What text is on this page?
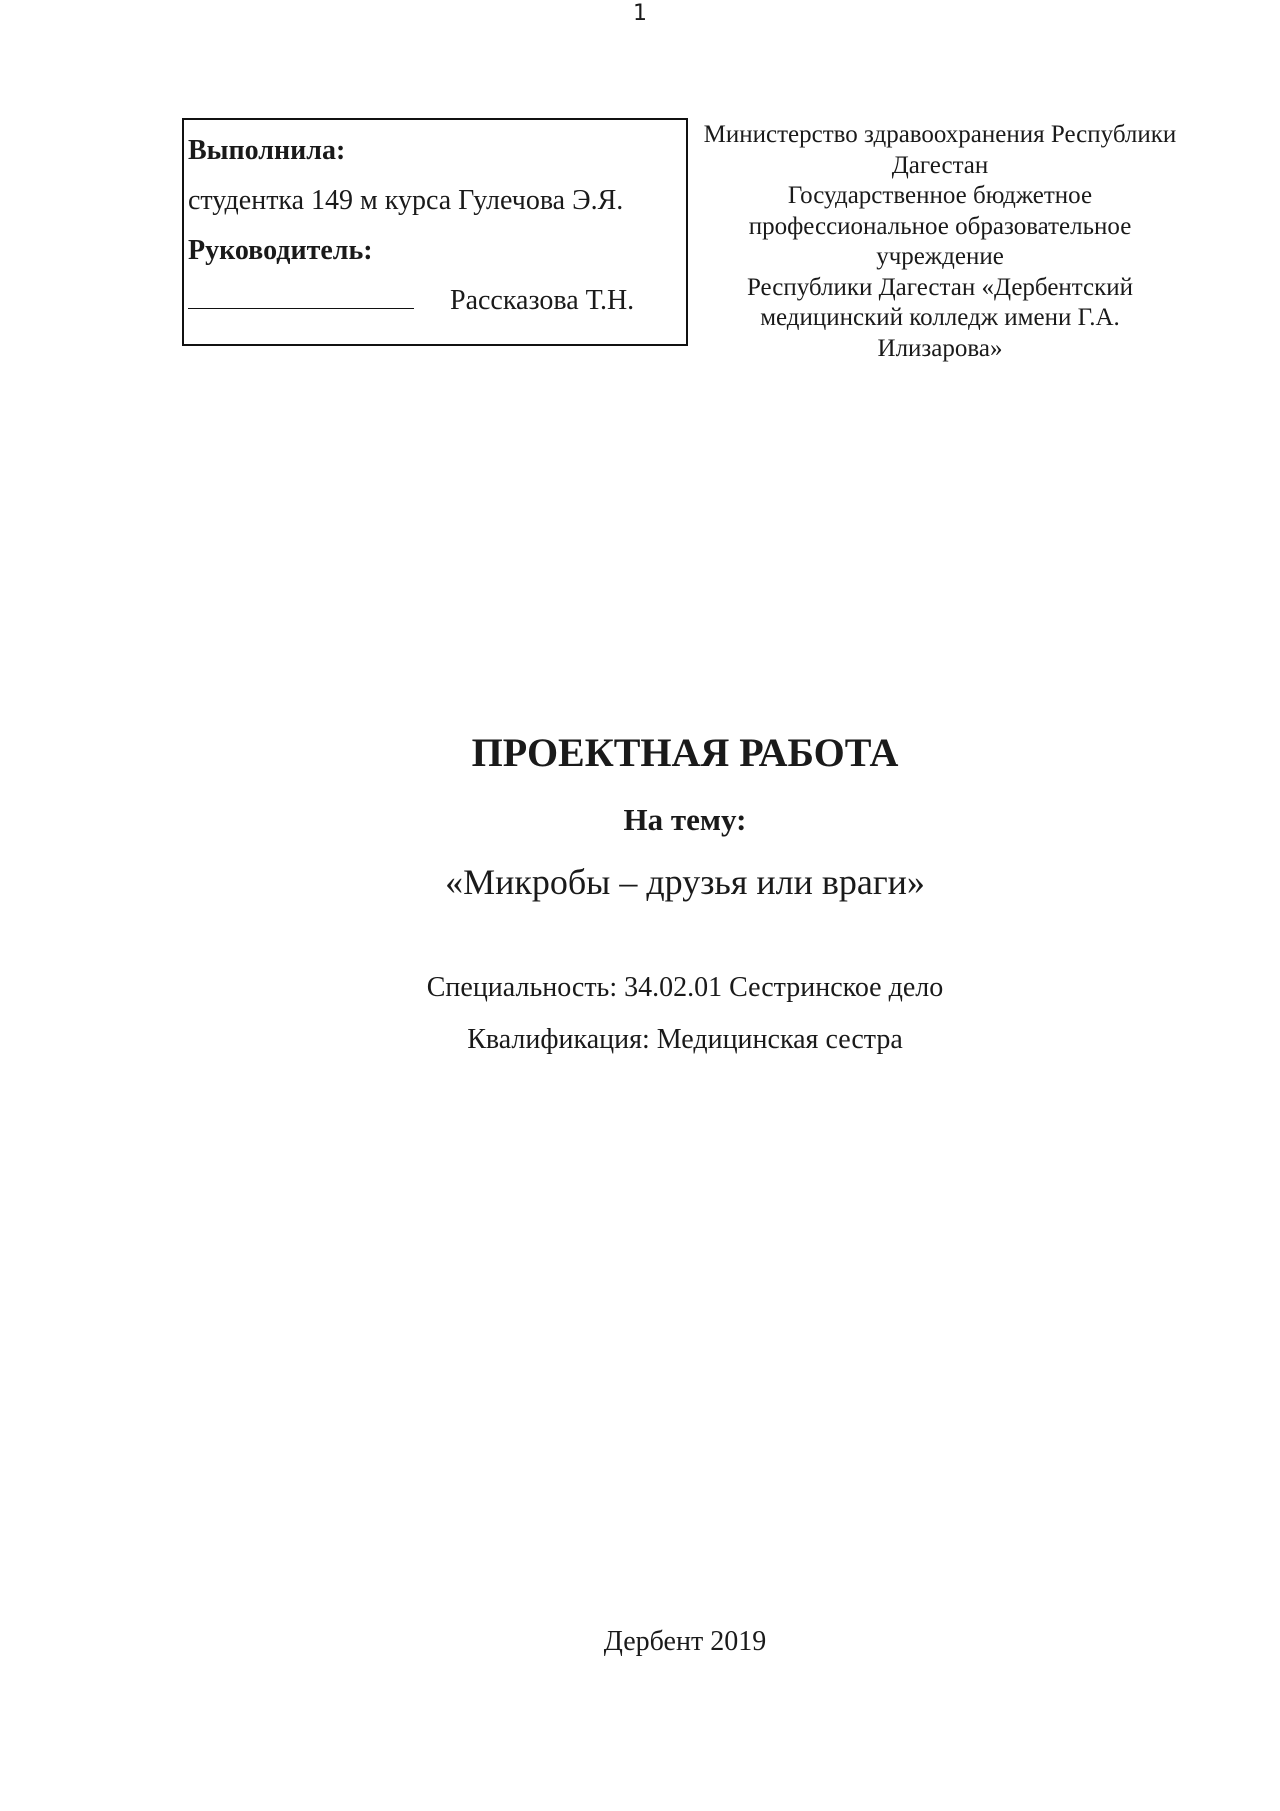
1
Выполнила:
студентка 149 м курса Гулечова Э.Я.
Руководитель:
Рассказова Т.Н.
Министерство здравоохранения Республики
Дагестан
Государственное бюджетное
профессиональное образовательное
учреждение
Республики Дагестан «Дербентский
медицинский колледж имени Г.А.
Илизарова»
ПРОЕКТНАЯ РАБОТА
На тему:
«Микробы – друзья или враги»
Специальность: 34.02.01 Сестринское дело
Квалификация: Медицинская сестра
Дербент 2019
